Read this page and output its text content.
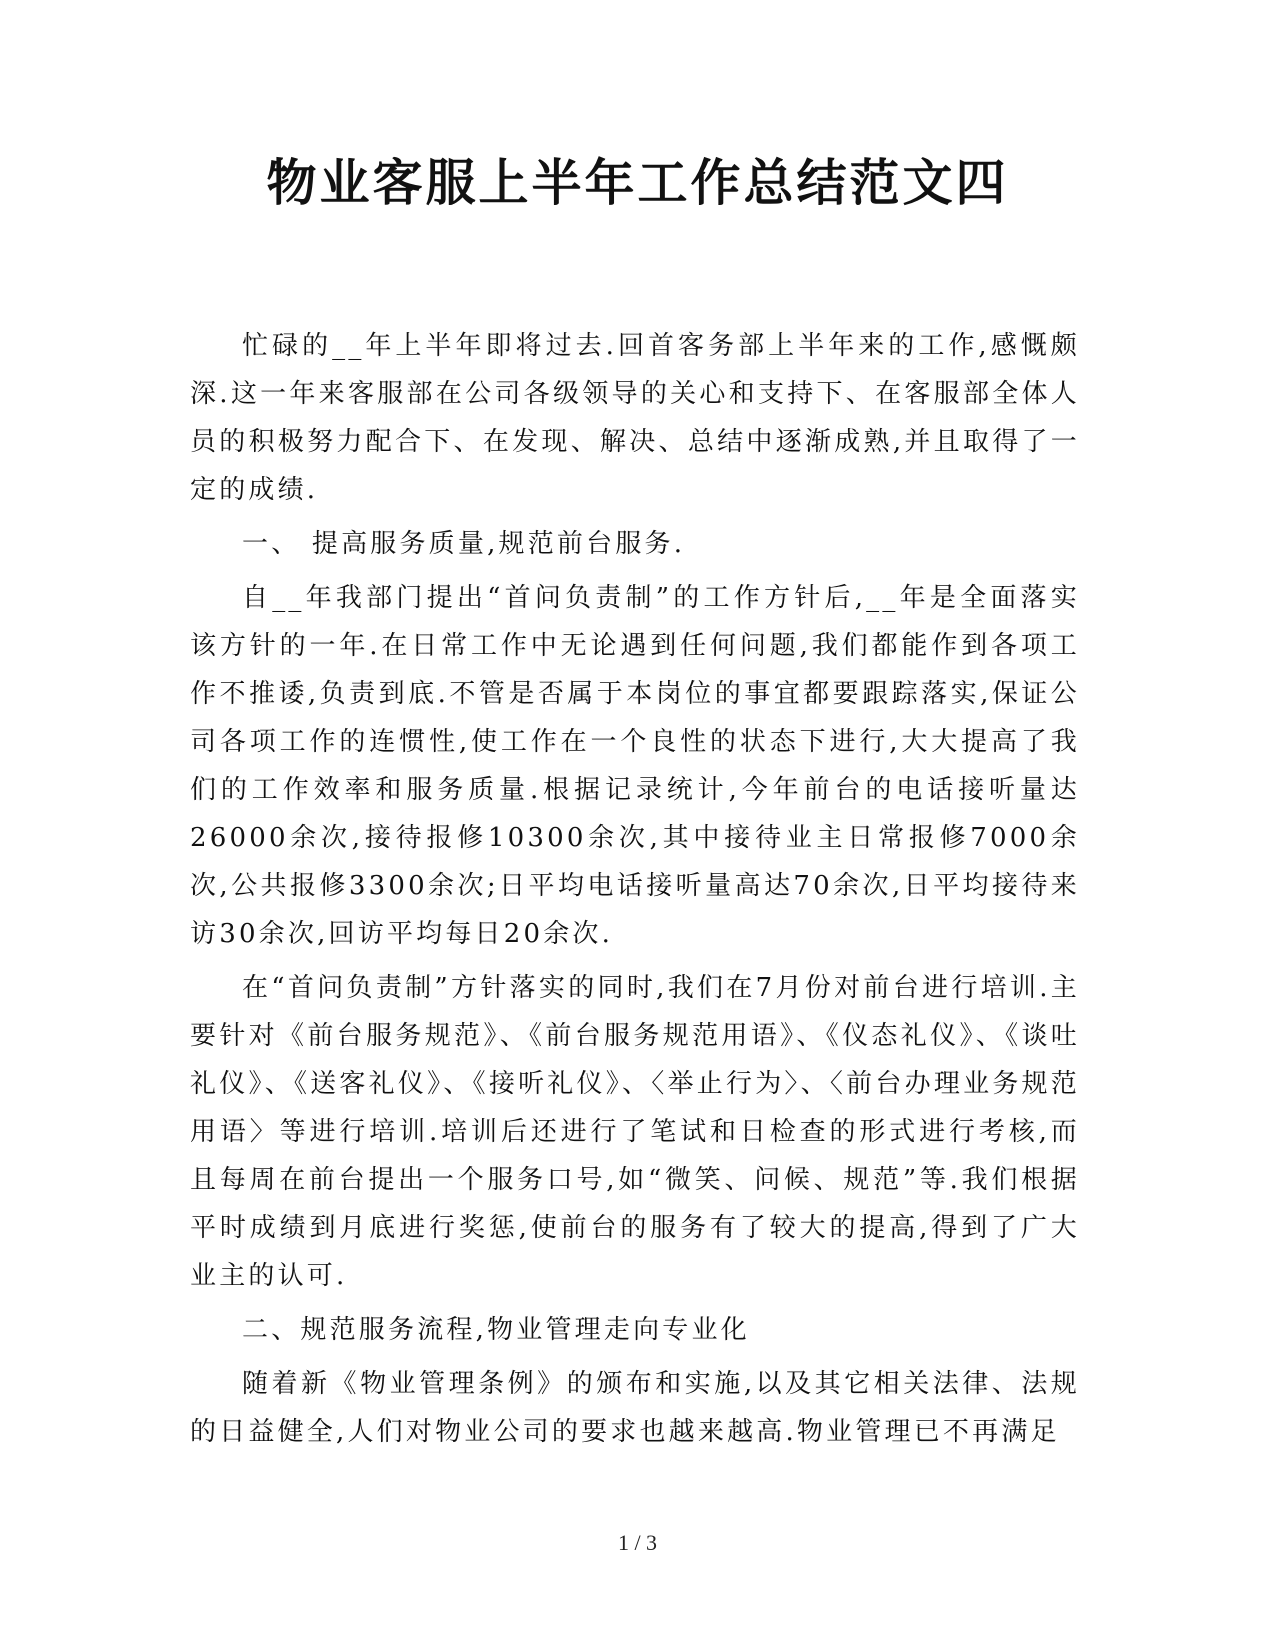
物业客服上半年工作总结范文四

忙碌的__年上半年即将过去.回首客务部上半年来的工作,感慨颇深.这一年来客服部在公司各级领导的关心和支持下、在客服部全体人员的积极努力配合下、在发现、解决、总结中逐渐成熟,并且取得了一定的成绩.

一、 提高服务质量,规范前台服务.

自__年我部门提出“首问负责制”的工作方针后,__年是全面落实该方针的一年.在日常工作中无论遇到任何问题,我们都能作到各项工作不推诿,负责到底.不管是否属于本岗位的事宜都要跟踪落实,保证公司各项工作的连惯性,使工作在一个良性的状态下进行,大大提高了我们的工作效率和服务质量.根据记录统计,今年前台的电话接听量达26000余次,接待报修10300余次,其中接待业主日常报修7000余次,公共报修3300余次;日平均电话接听量高达70余次,日平均接待来访30余次,回访平均每日20余次.

在“首问负责制”方针落实的同时,我们在7月份对前台进行培训.主要针对《前台服务规范》、《前台服务规范用语》、《仪态礼仪》、《谈吐礼仪》、《送客礼仪》、《接听礼仪》、〈举止行为〉、〈前台办理业务规范用语〉等进行培训.培训后还进行了笔试和日检查的形式进行考核,而且每周在前台提出一个服务口号,如“微笑、问候、规范”等.我们根据平时成绩到月底进行奖惩,使前台的服务有了较大的提高,得到了广大业主的认可.

二、规范服务流程,物业管理走向专业化

随着新《物业管理条例》的颁布和实施,以及其它相关法律、法规的日益健全,人们对物业公司的要求也越来越高.物业管理已不再满足

1 / 3
